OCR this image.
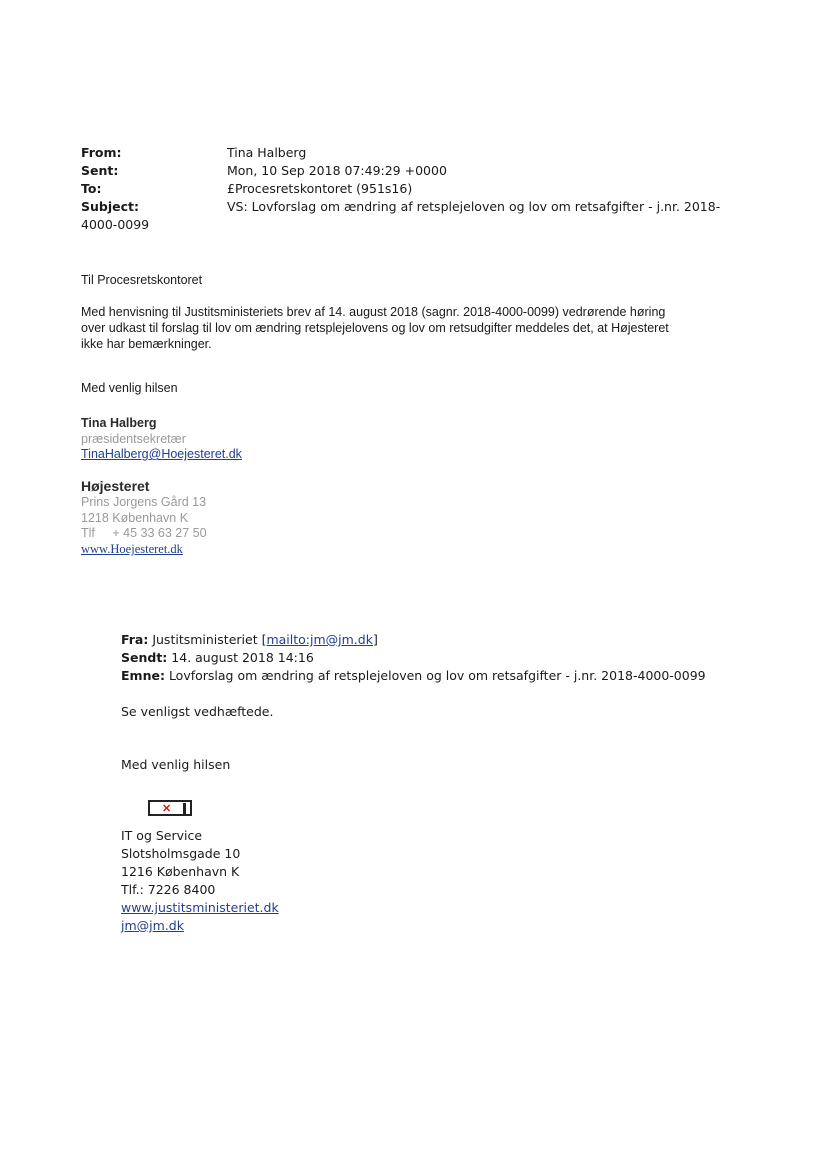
From:	Tina Halberg
Sent:	Mon, 10 Sep 2018 07:49:29 +0000
To:	£Procesretskontoret (951s16)
Subject:	VS: Lovforslag om ændring af retsplejeloven og lov om retsafgifter - j.nr. 2018-
4000-0099
Til Procesretskontoret
Med henvisning til Justitsministeriets brev af 14. august 2018 (sagnr. 2018-4000-0099) vedrørende høring
over udkast til forslag til lov om ændring retsplejelovens og lov om retsudgifter meddeles det, at Højesteret
ikke har bemærkninger.
Med venlig hilsen
Tina Halberg
præsidentsekretær
TinaHalberg@Hoejesteret.dk
Højesteret
Prins Jorgens Gård 13
1218 København K
Tlf + 45 33 63 27 50
www.Hoejesteret.dk
Fra: Justitsministeriet [mailto:jm@jm.dk]
Sendt: 14. august 2018 14:16
Emne: Lovforslag om ændring af retsplejeloven og lov om retsafgifter - j.nr. 2018-4000-0099
Se venligst vedhæftede.
Med venlig hilsen
✕
IT og Service
Slotsholmsgade 10
1216 København K
Tlf.: 7226 8400
www.justitsministeriet.dk
jm@jm.dk
